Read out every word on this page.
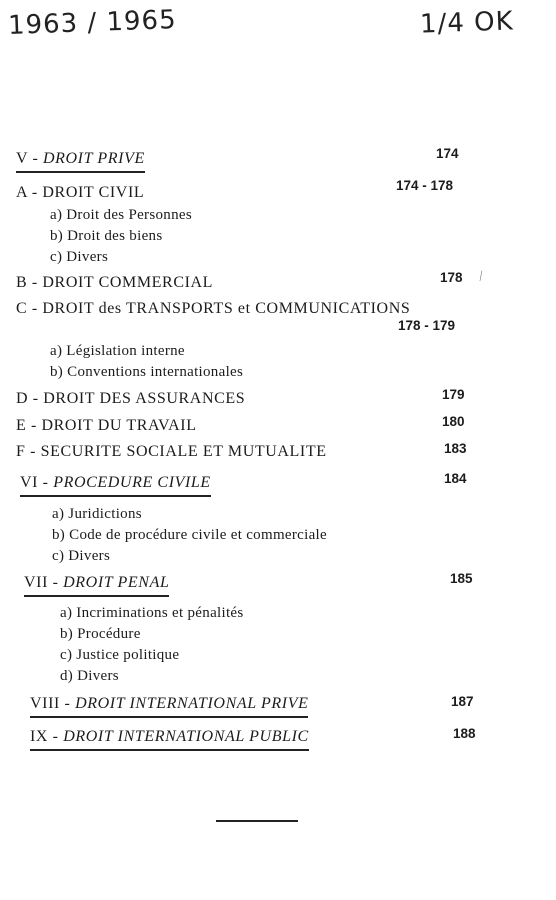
1963 / 1965	1/4 OK
V - DROIT PRIVE	174
A - DROIT CIVIL	174 - 178
a) Droit des Personnes
b) Droit des biens
c) Divers
B - DROIT COMMERCIAL	178 ⁄
C - DROIT des TRANSPORTS et COMMUNICATIONS
178 - 179
a) Législation interne
b) Conventions internationales
D - DROIT DES ASSURANCES	179
E - DROIT DU TRAVAIL	180
F - SECURITE SOCIALE ET MUTUALITE	183
VI - PROCEDURE CIVILE	184
a) Juridictions
b) Code de procédure civile et commerciale
c) Divers
VII - DROIT PENAL	185
a) Incriminations et pénalités
b) Procédure
c) Justice politique
d) Divers
VIII - DROIT INTERNATIONAL PRIVE	187
IX - DROIT INTERNATIONAL PUBLIC	188
